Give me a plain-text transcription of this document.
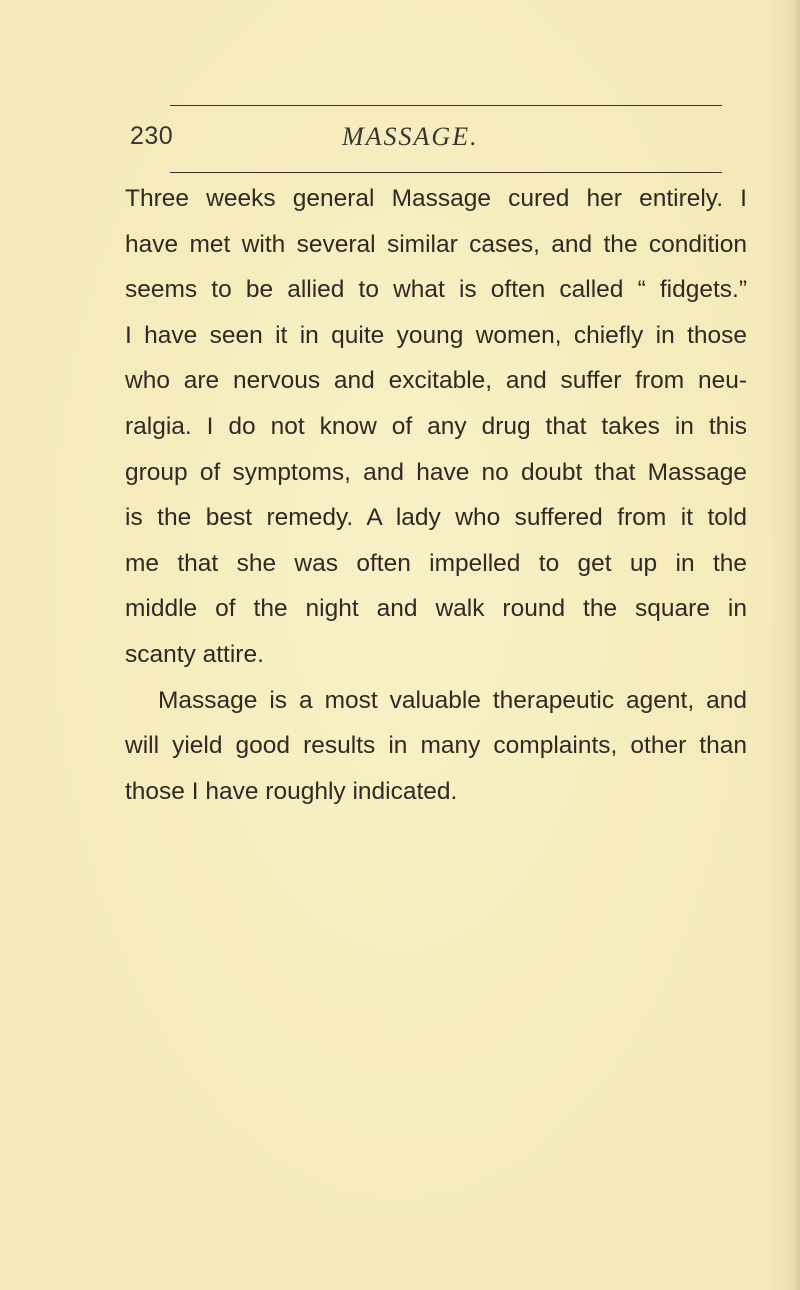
230	MASSAGE.
Three weeks general Massage cured her entirely. I
have met with several similar cases, and the condition
seems to be allied to what is often called “ fidgets.”
I have seen it in quite young women, chiefly in those
who are nervous and excitable, and suffer from neu-
ralgia. I do not know of any drug that takes in this
group of symptoms, and have no doubt that Massage
is the best remedy. A lady who suffered from it told
me that she was often impelled to get up in the
middle of the night and walk round the square in
scanty attire.
Massage is a most valuable therapeutic agent, and
will yield good results in many complaints, other than
those I have roughly indicated.
